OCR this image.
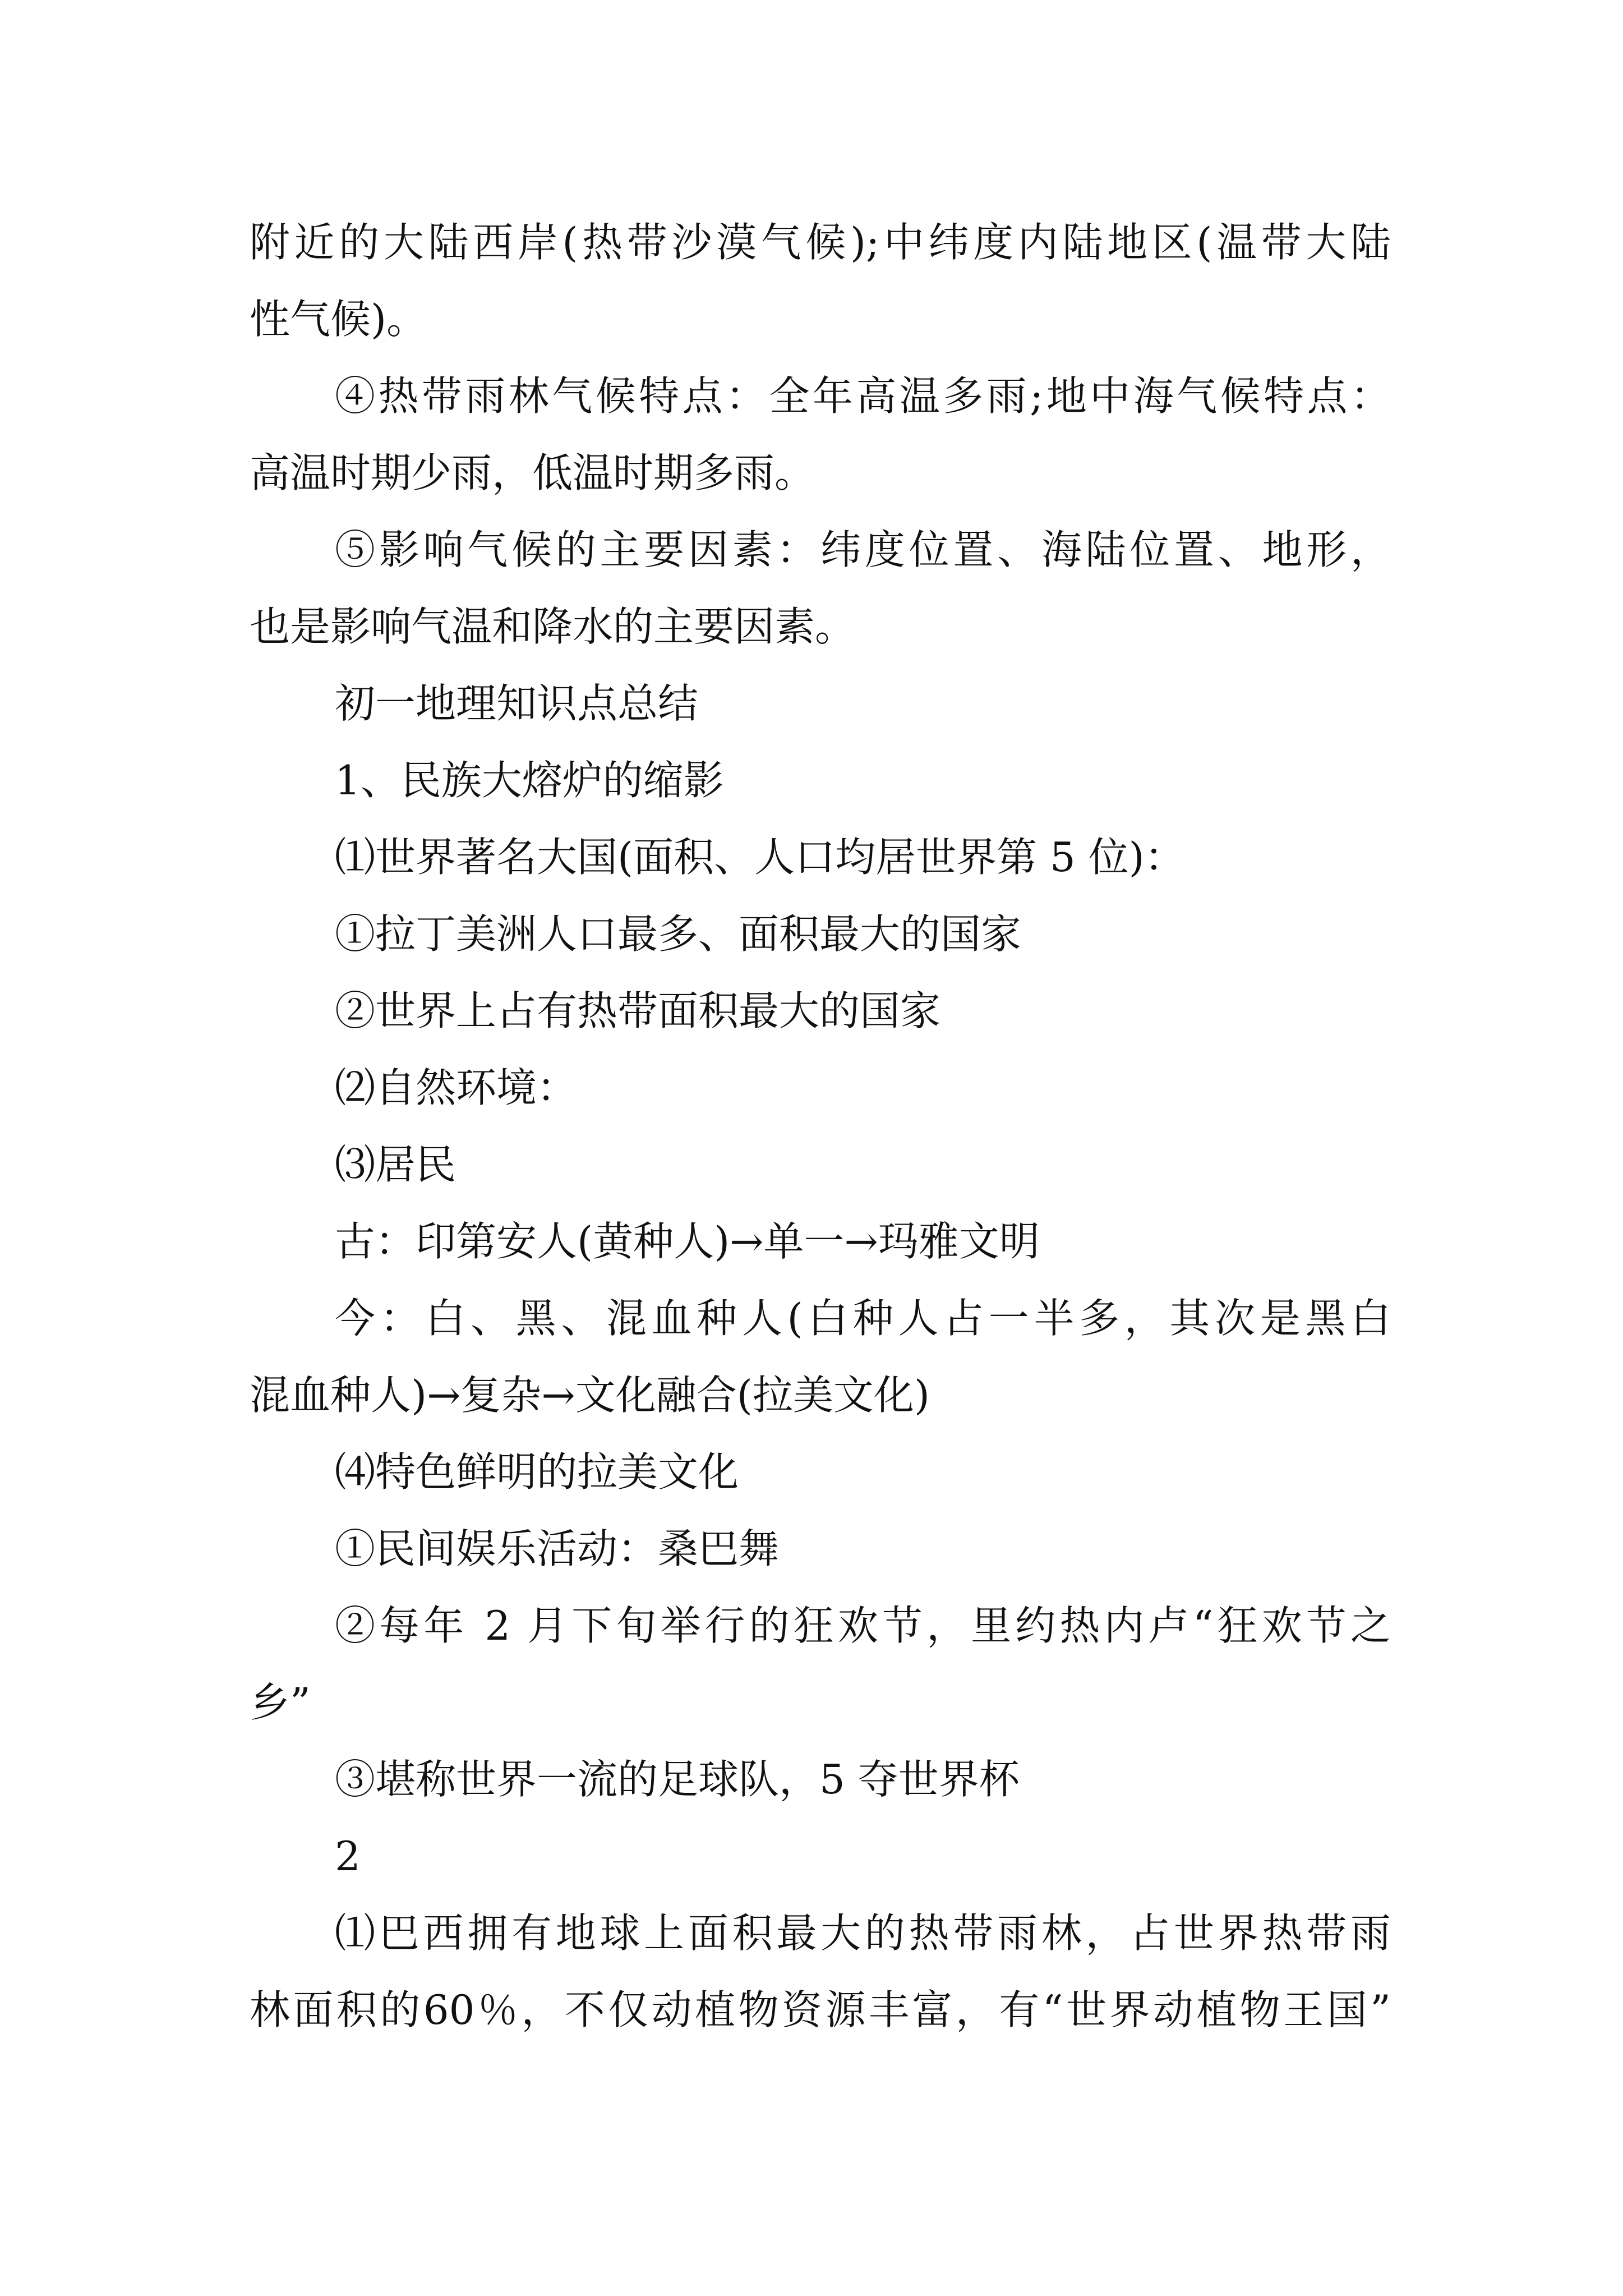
附近的大陆西岸(热带沙漠气候);中纬度内陆地区(温带大陆
性气候)。
④热带雨林气候特点：全年高温多雨;地中海气候特点：
高温时期少雨，低温时期多雨。
⑤影响气候的主要因素：纬度位置、海陆位置、地形，
也是影响气温和降水的主要因素。
初一地理知识点总结
1、民族大熔炉的缩影
⑴世界著名大国(面积、人口均居世界第 5 位)：
①拉丁美洲人口最多、面积最大的国家
②世界上占有热带面积最大的国家
⑵自然环境：
⑶居民
古：印第安人(黄种人)→单一→玛雅文明
今：白、黑、混血种人(白种人占一半多，其次是黑白
混血种人)→复杂→文化融合(拉美文化)
⑷特色鲜明的拉美文化
①民间娱乐活动：桑巴舞
②每年 2 月下旬举行的狂欢节，里约热内卢“狂欢节之
乡”
③堪称世界一流的足球队，5 夺世界杯
2
⑴巴西拥有地球上面积最大的热带雨林，占世界热带雨
林面积的60％，不仅动植物资源丰富，有“世界动植物王国”
